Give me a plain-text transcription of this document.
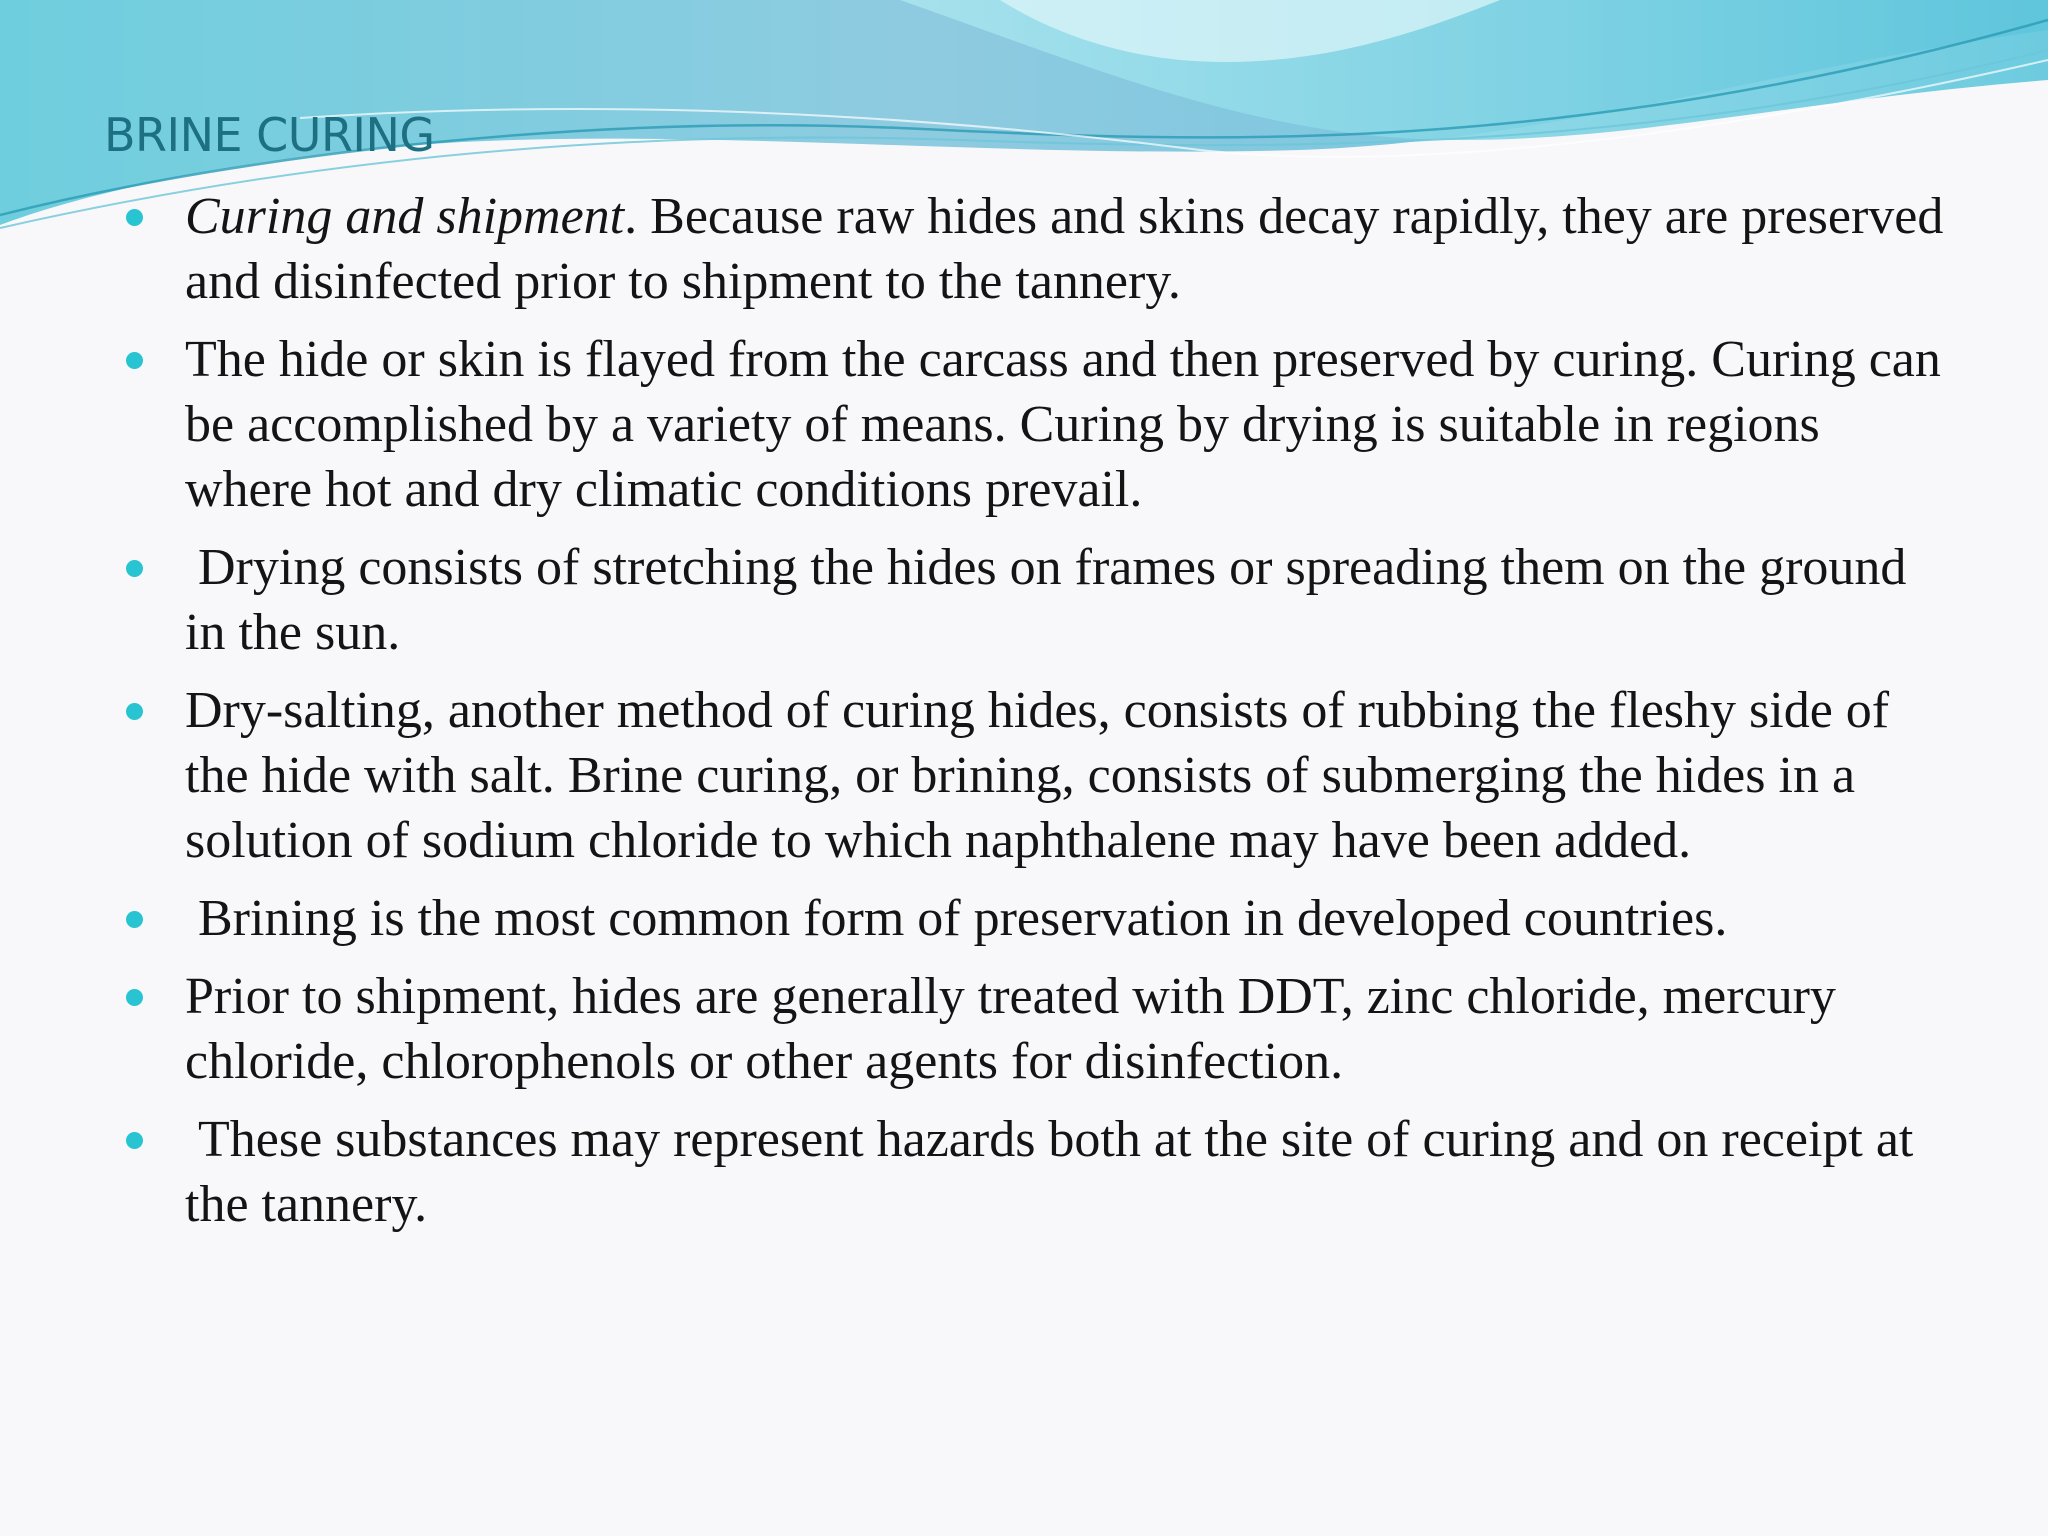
BRINE CURING
Curing and shipment. Because raw hides and skins decay rapidly, they are preserved and disinfected prior to shipment to the tannery.
The hide or skin is flayed from the carcass and then preserved by curing. Curing can be accomplished by a variety of means. Curing by drying is suitable in regions where hot and dry climatic conditions prevail.
Drying consists of stretching the hides on frames or spreading them on the ground in the sun.
Dry-salting, another method of curing hides, consists of rubbing the fleshy side of the hide with salt. Brine curing, or brining, consists of submerging the hides in a solution of sodium chloride to which naphthalene may have been added.
Brining is the most common form of preservation in developed countries.
Prior to shipment, hides are generally treated with DDT, zinc chloride, mercury chloride, chlorophenols or other agents for disinfection.
These substances may represent hazards both at the site of curing and on receipt at the tannery.
